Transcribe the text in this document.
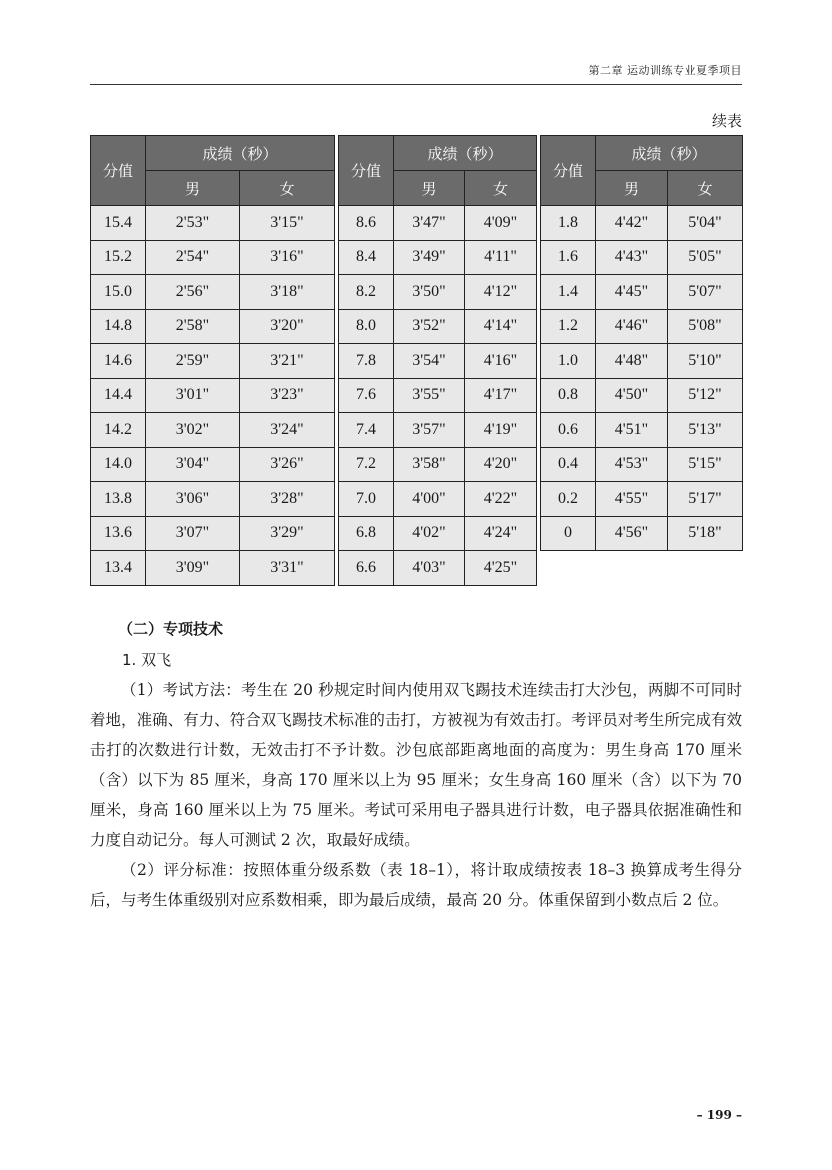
第二章 运动训练专业夏季项目
续表
分值	成绩（秒）	
	男	女
15.4	2'53"	3'15"
15.2	2'54"	3'16"
15.0	2'56"	3'18"
14.8	2'58"	3'20"
14.6	2'59"	3'21"
14.4	3'01"	3'23"
14.2	3'02"	3'24"
14.0	3'04"	3'26"
13.8	3'06"	3'28"
13.6	3'07"	3'29"
13.4	3'09"	3'31"
分值	成绩（秒）	
	男	女
8.6	3'47"	4'09"
8.4	3'49"	4'11"
8.2	3'50"	4'12"
8.0	3'52"	4'14"
7.8	3'54"	4'16"
7.6	3'55"	4'17"
7.4	3'57"	4'19"
7.2	3'58"	4'20"
7.0	4'00"	4'22"
6.8	4'02"	4'24"
6.6	4'03"	4'25"
分值	成绩（秒）	
	男	女
1.8	4'42"	5'04"
1.6	4'43"	5'05"
1.4	4'45"	5'07"
1.2	4'46"	5'08"
1.0	4'48"	5'10"
0.8	4'50"	5'12"
0.6	4'51"	5'13"
0.4	4'53"	5'15"
0.2	4'55"	5'17"
0	4'56"	5'18"
（二）专项技术
1. 双飞
（1）考试方法：考生在 20 秒规定时间内使用双飞踢技术连续击打大沙包，两脚不可同时着地，准确、有力、符合双飞踢技术标准的击打，方被视为有效击打。考评员对考生所完成有效击打的次数进行计数，无效击打不予计数。沙包底部距离地面的高度为：男生身高 170 厘米（含）以下为 85 厘米，身高 170 厘米以上为 95 厘米；女生身高 160 厘米（含）以下为 70 厘米，身高 160 厘米以上为 75 厘米。考试可采用电子器具进行计数，电子器具依据准确性和力度自动记分。每人可测试 2 次，取最好成绩。
（2）评分标准：按照体重分级系数（表 18–1），将计取成绩按表 18–3 换算成考生得分后，与考生体重级别对应系数相乘，即为最后成绩，最高 20 分。体重保留到小数点后 2 位。
– 199 –
